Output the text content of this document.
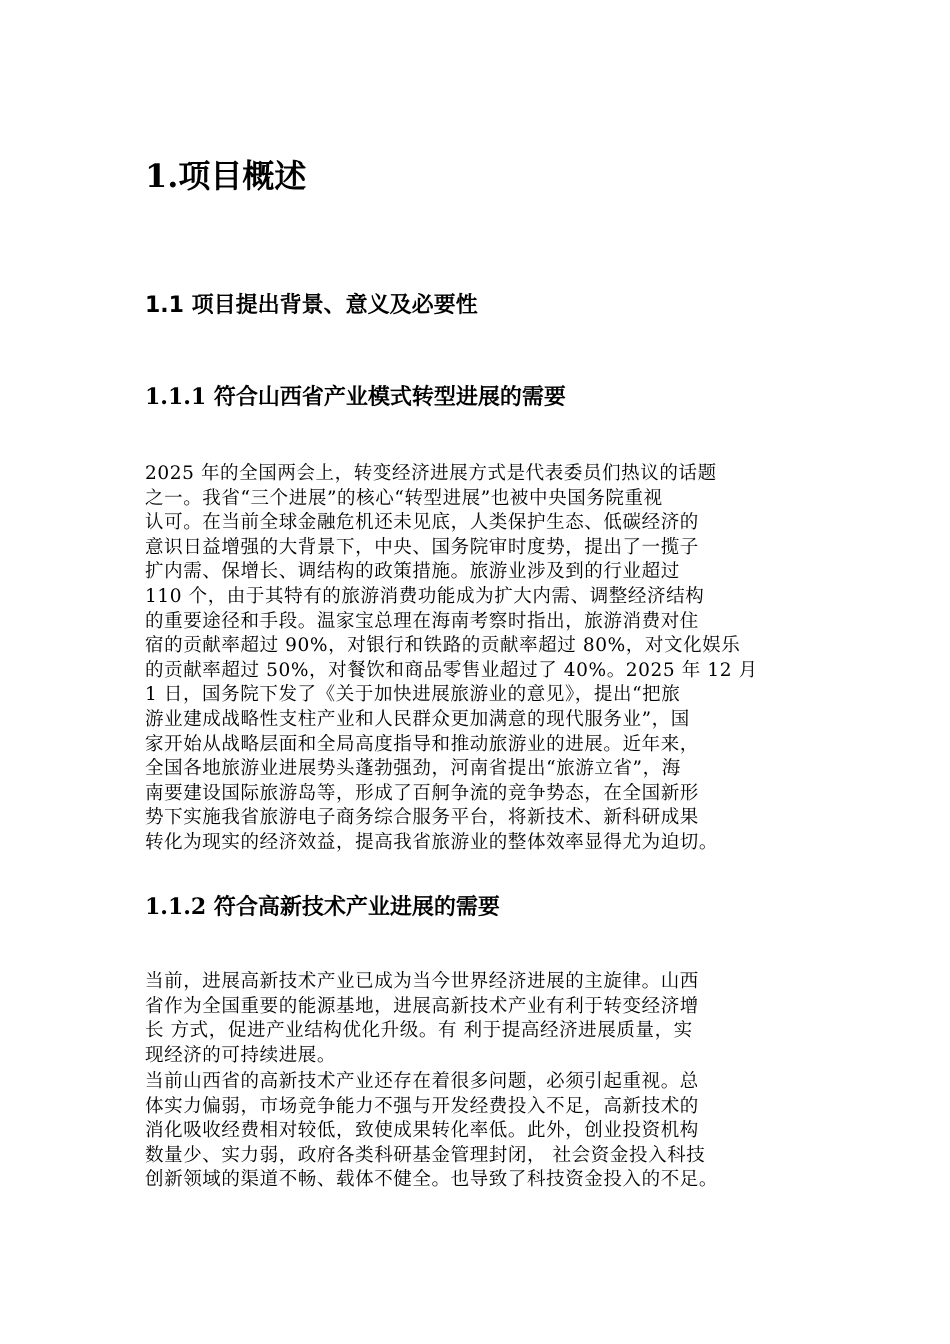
1.项目概述
1.1 项目提出背景、意义及必要性
1.1.1 符合山西省产业模式转型进展的需要
2025 年的全国两会上，转变经济进展方式是代表委员们热议的话题
之一。我省“三个进展”的核心“转型进展”也被中央国务院重视
认可。在当前全球金融危机还未见底，人类保护生态、低碳经济的
意识日益增强的大背景下，中央、国务院审时度势，提出了一揽子
扩内需、保增长、调结构的政策措施。旅游业涉及到的行业超过
110 个，由于其特有的旅游消费功能成为扩大内需、调整经济结构
的重要途径和手段。温家宝总理在海南考察时指出，旅游消费对住
宿的贡献率超过 90%，对银行和铁路的贡献率超过 80%，对文化娱乐
的贡献率超过 50%，对餐饮和商品零售业超过了 40%。2025 年 12 月
1 日，国务院下发了《关于加快进展旅游业的意见》，提出“把旅
游业建成战略性支柱产业和人民群众更加满意的现代服务业”，国
家开始从战略层面和全局高度指导和推动旅游业的进展。近年来，
全国各地旅游业进展势头蓬勃强劲，河南省提出“旅游立省”，海
南要建设国际旅游岛等，形成了百舸争流的竞争势态，在全国新形
势下实施我省旅游电子商务综合服务平台，将新技术、新科研成果
转化为现实的经济效益，提高我省旅游业的整体效率显得尤为迫切。
1.1.2 符合高新技术产业进展的需要
当前，进展高新技术产业已成为当今世界经济进展的主旋律。山西
省作为全国重要的能源基地，进展高新技术产业有利于转变经济增
长 方式，促进产业结构优化升级。有 利于提高经济进展质量，实
现经济的可持续进展。
当前山西省的高新技术产业还存在着很多问题，必须引起重视。总
体实力偏弱，市场竞争能力不强与开发经费投入不足，高新技术的
消化吸收经费相对较低，致使成果转化率低。此外，创业投资机构
数量少、实力弱，政府各类科研基金管理封闭， 社会资金投入科技
创新领域的渠道不畅、载体不健全。也导致了科技资金投入的不足。
